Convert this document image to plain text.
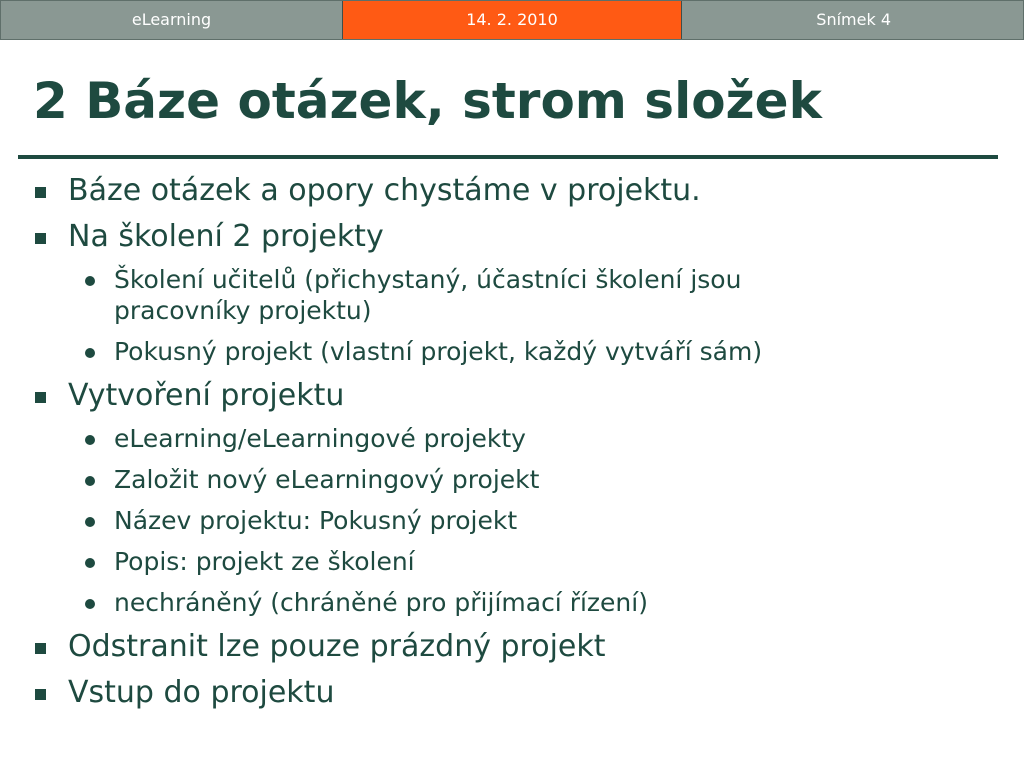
eLearning	14. 2. 2010	Snímek 4
2 Báze otázek, strom složek
Báze otázek a opory chystáme v projektu.
Na školení 2 projekty
Školení učitelů (přichystaný, účastníci školení jsou
pracovníky projektu)
Pokusný projekt (vlastní projekt, každý vytváří sám)
Vytvoření projektu
eLearning/eLearningové projekty
Založit nový eLearningový projekt
Název projektu: Pokusný projekt
Popis: projekt ze školení
nechráněný (chráněné pro přijímací řízení)
Odstranit lze pouze prázdný projekt
Vstup do projektu
